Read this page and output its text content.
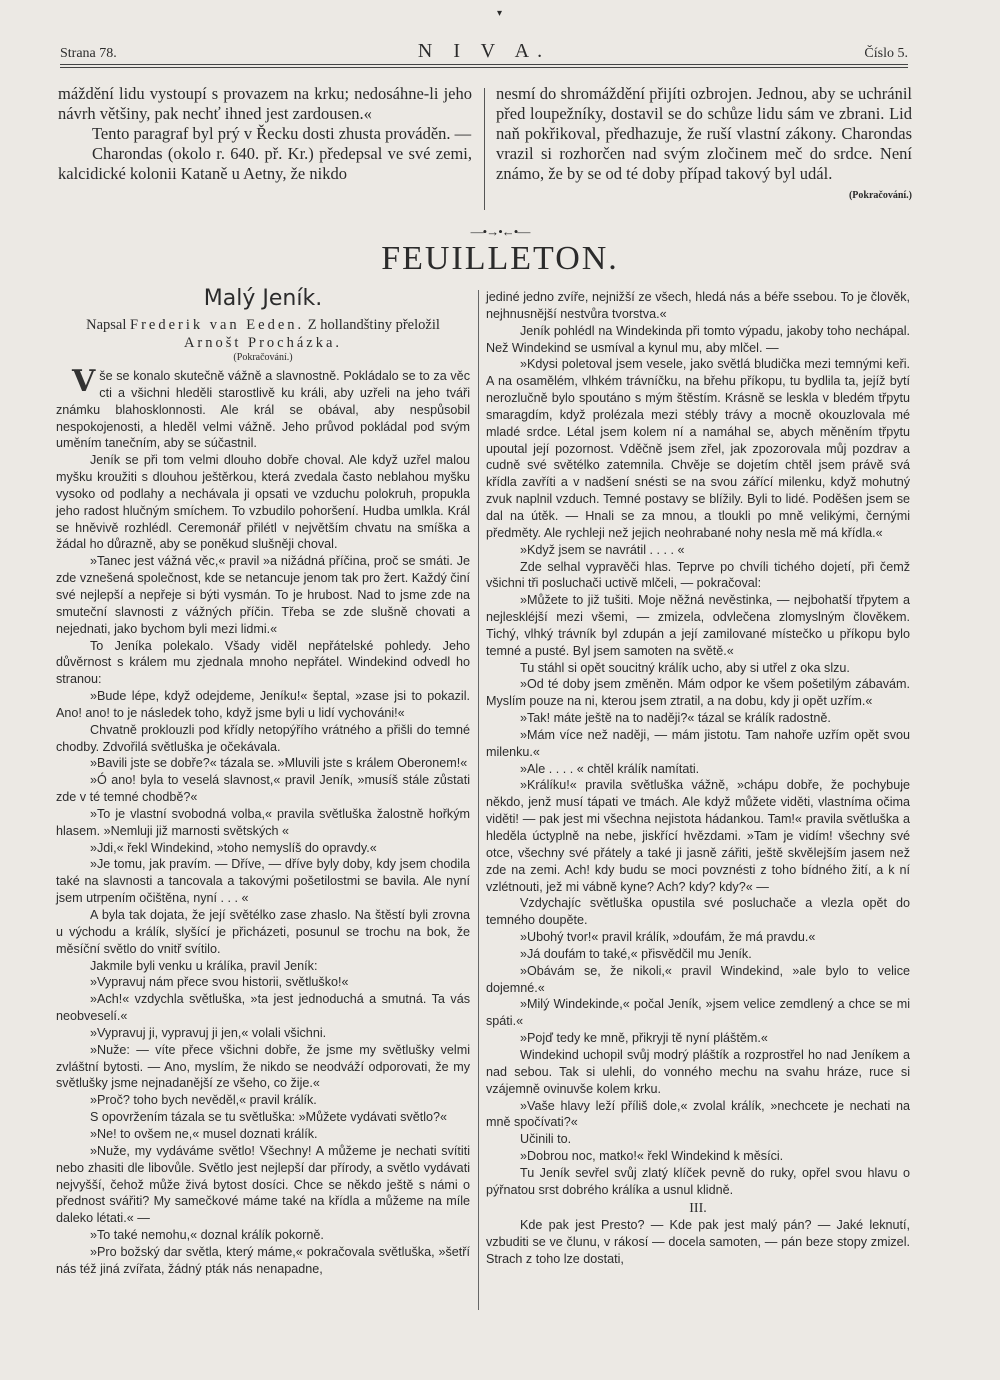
▾
Strana 78.	N I V A.	Číslo 5.

máždění lidu vystoupí s provazem na krku; nedosáhne-li jeho návrh většiny, pak nechť ihned jest zardousen.«

Tento paragraf byl prý v Řecku dosti zhusta prováděn. —

Charondas (okolo r. 640. př. Kr.) předepsal ve své zemi, kalcidické kolonii Kataně u Aetny, že nikdo

nesmí do shromáždění přijíti ozbrojen. Jednou, aby se uchránil před loupežníky, dostavil se do schůze lidu sám ve zbrani. Lid naň pokřikoval, předhazuje, že ruší vlastní zákony. Charondas vrazil si rozhorčen nad svým zločinem meč do srdce. Není známo, že by se od té doby případ takový byl udál.

(Pokračování.)

—•→•←•—
FEUILLETON.
Malý Jeník.
Napsal Frederik van Eeden. Z hollandštiny přeložil
Arnošt Procházka.
(Pokračování.)

Vše se konalo skutečně vážně a slavnostně. Pokládalo se to za věc cti a všichni hleděli starostlivě ku králi, aby uzřeli na jeho tváři známku blahosklonnosti. Ale král se obával, aby nespůsobil nespokojenosti, a hleděl velmi vážně. Jeho průvod pokládal pod svým uměním tanečním, aby se súčastnil.

Jeník se při tom velmi dlouho dobře choval. Ale když uzřel malou myšku kroužiti s dlouhou ještěrkou, která zvedala často neblahou myšku vysoko od podlahy a nechávala ji opsati ve vzduchu polokruh, propukla jeho radost hlučným smíchem. To vzbudilo pohoršení. Hudba umlkla. Král se hněvivě rozhlédl. Ceremonář přilétl v největším chvatu na smíška a žádal ho důrazně, aby se poněkud slušněji choval.

»Tanec jest vážná věc,« pravil »a nižádná příčina, proč se smáti. Je zde vznešená společnost, kde se netancuje jenom tak pro žert. Každý činí své nejlepší a nepřeje si býti vysmán. To je hrubost. Nad to jsme zde na smuteční slavnosti z vážných příčin. Třeba se zde slušně chovati a nejednati, jako bychom byli mezi lidmi.«

To Jeníka polekalo. Všady viděl nepřátelské pohledy. Jeho důvěrnost s králem mu zjednala mnoho nepřátel. Windekind odvedl ho stranou:

»Bude lépe, když odejdeme, Jeníku!« šeptal, »zase jsi to pokazil. Ano! ano! to je následek toho, když jsme byli u lidí vychováni!«

Chvatně proklouzli pod křídly netopýřího vrátného a přišli do temné chodby. Zdvořilá světluška je očekávala.

»Bavili jste se dobře?« tázala se. »Mluvili jste s králem Oberonem!«

»Ó ano! byla to veselá slavnost,« pravil Jeník, »musíš stále zůstati zde v té temné chodbě?«

»To je vlastní svobodná volba,« pravila světluška žalostně hořkým hlasem. »Nemluji již marnosti světských «

»Jdi,« řekl Windekind, »toho nemyslíš do opravdy.«

»Je tomu, jak pravím. — Dříve, — dříve byly doby, kdy jsem chodila také na slavnosti a tancovala a takovými pošetilostmi se bavila. Ale nyní jsem utrpením očištěna, nyní . . . «

A byla tak dojata, že její světélko zase zhaslo. Na štěstí byli zrovna u východu a králík, slyšící je přicházeti, posunul se trochu na bok, že měsíční světlo do vnitř svítilo.

Jakmile byli venku u králíka, pravil Jeník:

»Vypravuj nám přece svou historii, světluško!«

»Ach!« vzdychla světluška, »ta jest jednoduchá a smutná. Ta vás neobveselí.«

»Vypravuj ji, vypravuj ji jen,« volali všichni.

»Nuže: — víte přece všichni dobře, že jsme my světlušky velmi zvláštní bytosti. — Ano, myslím, že nikdo se neodváží odporovati, že my světlušky jsme nejnadanější ze všeho, co žije.«

»Proč? toho bych nevěděl,« pravil králík.

S opovržením tázala se tu světluška: »Můžete vydávati světlo?«

»Ne! to ovšem ne,« musel doznati králík.

»Nuže, my vydáváme světlo! Všechny! A můžeme je nechati svítiti nebo zhasiti dle libovůle. Světlo jest nejlepší dar přírody, a světlo vydávati nejvyšší, čehož může živá bytost dosíci. Chce se někdo ještě s námi o přednost svářiti? My samečkové máme také na křídla a můžeme na míle daleko létati.« —

»To také nemohu,« doznal králík pokorně.

»Pro božský dar světla, který máme,« pokračovala světluška, »šetří nás též jiná zvířata, žádný pták nás nenapadne,

jediné jedno zvíře, nejnižší ze všech, hledá nás a béře ssebou. To je člověk, nejhnusnější nestvůra tvorstva.«

Jeník pohlédl na Windekinda při tomto výpadu, jakoby toho nechápal. Než Windekind se usmíval a kynul mu, aby mlčel. —

»Kdysi poletoval jsem vesele, jako světlá bludička mezi temnými keři. A na osamělém, vlhkém trávníčku, na břehu příkopu, tu bydlila ta, jejíž bytí nerozlučně bylo spoutáno s mým štěstím. Krásně se leskla v bledém třpytu smaragdím, když prolézala mezi stébly trávy a mocně okouzlovala mé mladé srdce. Létal jsem kolem ní a namáhal se, abych měněním třpytu upoutal její pozornost. Vděčně jsem zřel, jak zpozorovala můj pozdrav a cudně své světélko zatemnila. Chvěje se dojetím chtěl jsem právě svá křídla zavříti a v nadšení snésti se na svou zářící milenku, když mohutný zvuk naplnil vzduch. Temné postavy se blížily. Byli to lidé. Poděšen jsem se dal na útěk. — Hnali se za mnou, a tloukli po mně velikými, černými předměty. Ale rychleji než jejich neohrabané nohy nesla mě má křídla.«

»Když jsem se navrátil . . . . «

Zde selhal vypravěči hlas. Teprve po chvíli tichého dojetí, při čemž všichni tři posluchači uctivě mlčeli, — pokračoval:

»Můžete to již tušiti. Moje něžná nevěstinka, — nejbohatší třpytem a nejleskléjší mezi všemi, — zmizela, odvlečena zlomyslným člověkem. Tichý, vlhký trávník byl zdupán a její zamilované místečko u příkopu bylo temné a pusté. Byl jsem samoten na světě.«

Tu stáhl si opět soucitný králík ucho, aby si utřel z oka slzu.

»Od té doby jsem změněn. Mám odpor ke všem pošetilým zábavám. Myslím pouze na ni, kterou jsem ztratil, a na dobu, kdy ji opět uzřím.«

»Tak! máte ještě na to naději?« tázal se králík radostně.

»Mám více než naději, — mám jistotu. Tam nahoře uzřím opět svou milenku.«

»Ale . . . . « chtěl králík namítati.

»Králíku!« pravila světluška vážně, »chápu dobře, že pochybuje někdo, jenž musí tápati ve tmách. Ale když můžete viděti, vlastníma očima viděti! — pak jest mi všechna nejistota hádankou. Tam!« pravila světluška a hleděla úctyplně na nebe, jiskřící hvězdami. »Tam je vidím! všechny své otce, všechny své přátely a také ji jasně zářiti, ještě skvělejším jasem než zde na zemi. Ach! kdy budu se moci povznésti z toho bídného žití, a k ní vzlétnouti, jež mi vábně kyne? Ach? kdy? kdy?« —

Vzdychajíc světluška opustila své posluchače a vlezla opět do temného doupěte.

»Ubohý tvor!« pravil králík, »doufám, že má pravdu.«

»Já doufám to také,« přisvědčil mu Jeník.

»Obávám se, že nikoli,« pravil Windekind, »ale bylo to velice dojemné.«

»Milý Windekinde,« počal Jeník, »jsem velice zemdlený a chce se mi spáti.«

»Pojď tedy ke mně, přikryji tě nyní pláštěm.«

Windekind uchopil svůj modrý pláštík a rozprostřel ho nad Jeníkem a nad sebou. Tak si ulehli, do vonného mechu na svahu hráze, ruce si vzájemně ovinuvše kolem krku.

»Vaše hlavy leží příliš dole,« zvolal králík, »nechcete je nechati na mně spočívati?«

Učinili to.

»Dobrou noc, matko!« řekl Windekind k měsíci.

Tu Jeník sevřel svůj zlatý klíček pevně do ruky, opřel svou hlavu o pýřnatou srst dobrého králíka a usnul klidně.

III.

Kde pak jest Presto? — Kde pak jest malý pán? — Jaké leknutí, vzbuditi se ve člunu, v rákosí — docela samoten, — pán beze stopy zmizel. Strach z toho lze dostati,
